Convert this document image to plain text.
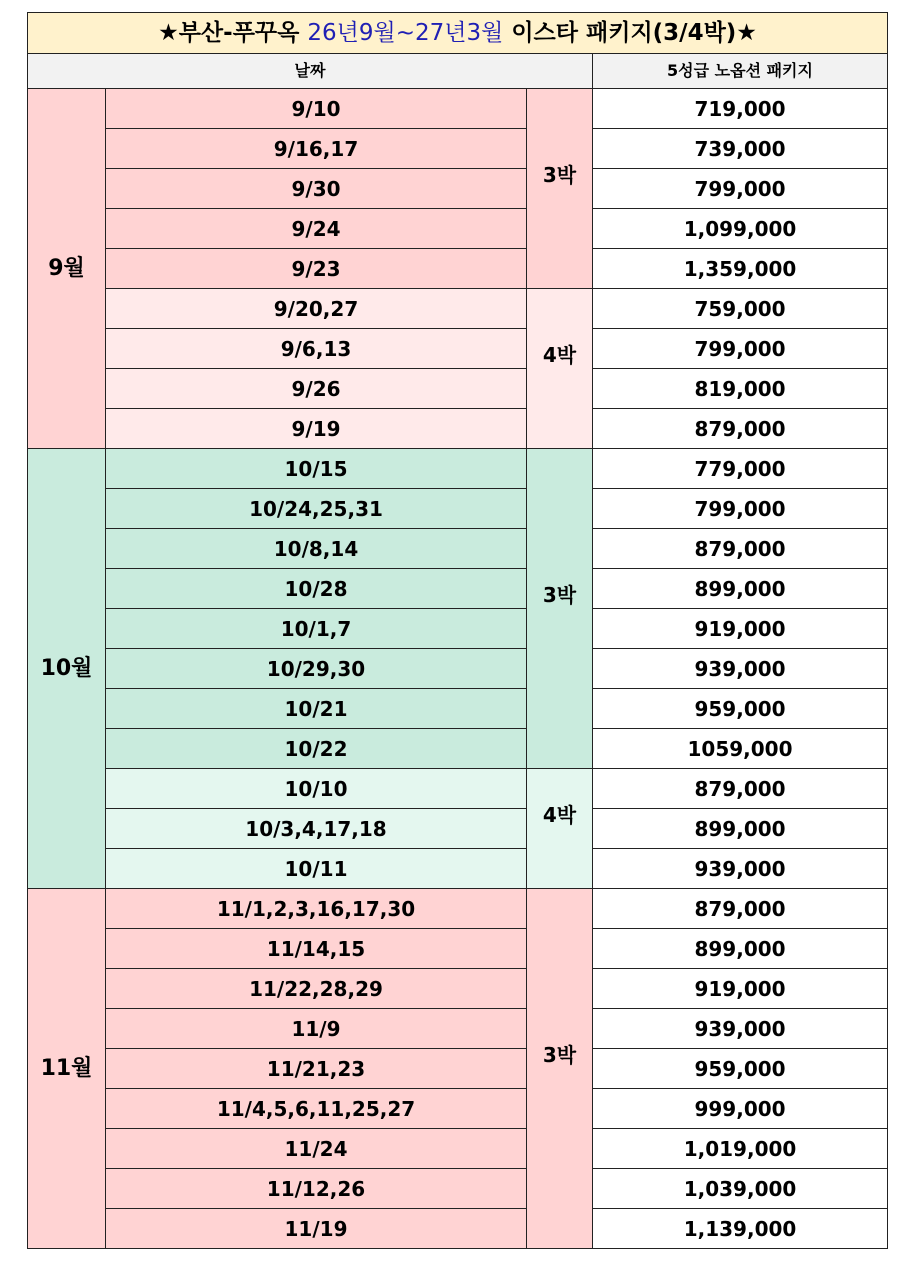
★부산-푸꾸옥 26년9월~27년3월 이스타 패키지(3/4박)★			
날짜			5성급 노옵션 패키지
9월	9/10	3박	719,000
	9/16,17		739,000
	9/30		799,000
	9/24		1,099,000
	9/23		1,359,000
	9/20,27	4박	759,000
	9/6,13		799,000
	9/26		819,000
	9/19		879,000
10월	10/15	3박	779,000
	10/24,25,31		799,000
	10/8,14		879,000
	10/28		899,000
	10/1,7		919,000
	10/29,30		939,000
	10/21		959,000
	10/22		1059,000
	10/10	4박	879,000
	10/3,4,17,18		899,000
	10/11		939,000
11월	11/1,2,3,16,17,30	3박	879,000
	11/14,15		899,000
	11/22,28,29		919,000
	11/9		939,000
	11/21,23		959,000
	11/4,5,6,11,25,27		999,000
	11/24		1,019,000
	11/12,26		1,039,000
	11/19		1,139,000
